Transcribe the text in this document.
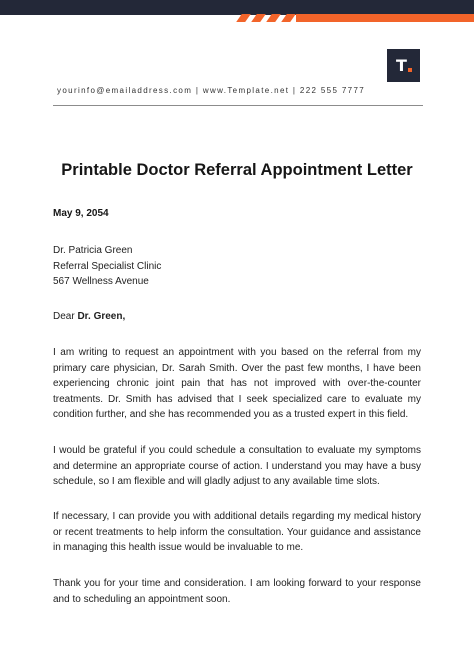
T
yourinfo@emailaddress.com | www.Template.net | 222 555 7777
Printable Doctor Referral Appointment Letter
May 9, 2054
Dr. Patricia Green
Referral Specialist Clinic
567 Wellness Avenue
Dear Dr. Green,
I am writing to request an appointment with you based on the referral from my primary care physician, Dr. Sarah Smith. Over the past few months, I have been experiencing chronic joint pain that has not improved with over-the-counter treatments. Dr. Smith has advised that I seek specialized care to evaluate my condition further, and she has recommended you as a trusted expert in this field.
I would be grateful if you could schedule a consultation to evaluate my symptoms and determine an appropriate course of action. I understand you may have a busy schedule, so I am flexible and will gladly adjust to any available time slots.
If necessary, I can provide you with additional details regarding my medical history or recent treatments to help inform the consultation. Your guidance and assistance in managing this health issue would be invaluable to me.
Thank you for your time and consideration. I am looking forward to your response and to scheduling an appointment soon.
